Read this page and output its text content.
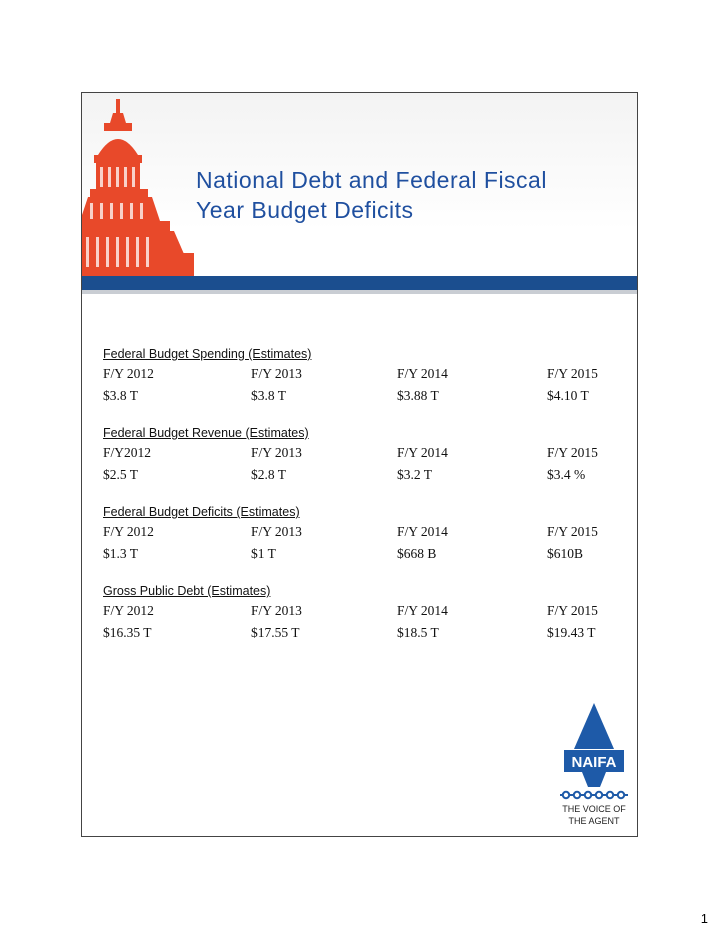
National Debt and Federal Fiscal
Year Budget Deficits
Federal Budget Spending (Estimates)
F/Y 2012	F/Y 2013	F/Y 2014	F/Y 2015
$3.8 T	$3.8 T	$3.88 T	$4.10 T
Federal Budget Revenue (Estimates)
F/Y2012	F/Y 2013	F/Y 2014	F/Y 2015
$2.5 T	$2.8 T	$3.2 T	$3.4 %
Federal Budget Deficits (Estimates)
F/Y 2012	F/Y 2013	F/Y 2014	F/Y 2015
$1.3 T	$1 T	$668 B	$610B
Gross Public Debt (Estimates)
F/Y 2012	F/Y 2013	F/Y 2014	F/Y 2015
$16.35 T	$17.55 T	$18.5 T	$19.43 T
NAIFA
THE VOICE OF
THE AGENT
1
